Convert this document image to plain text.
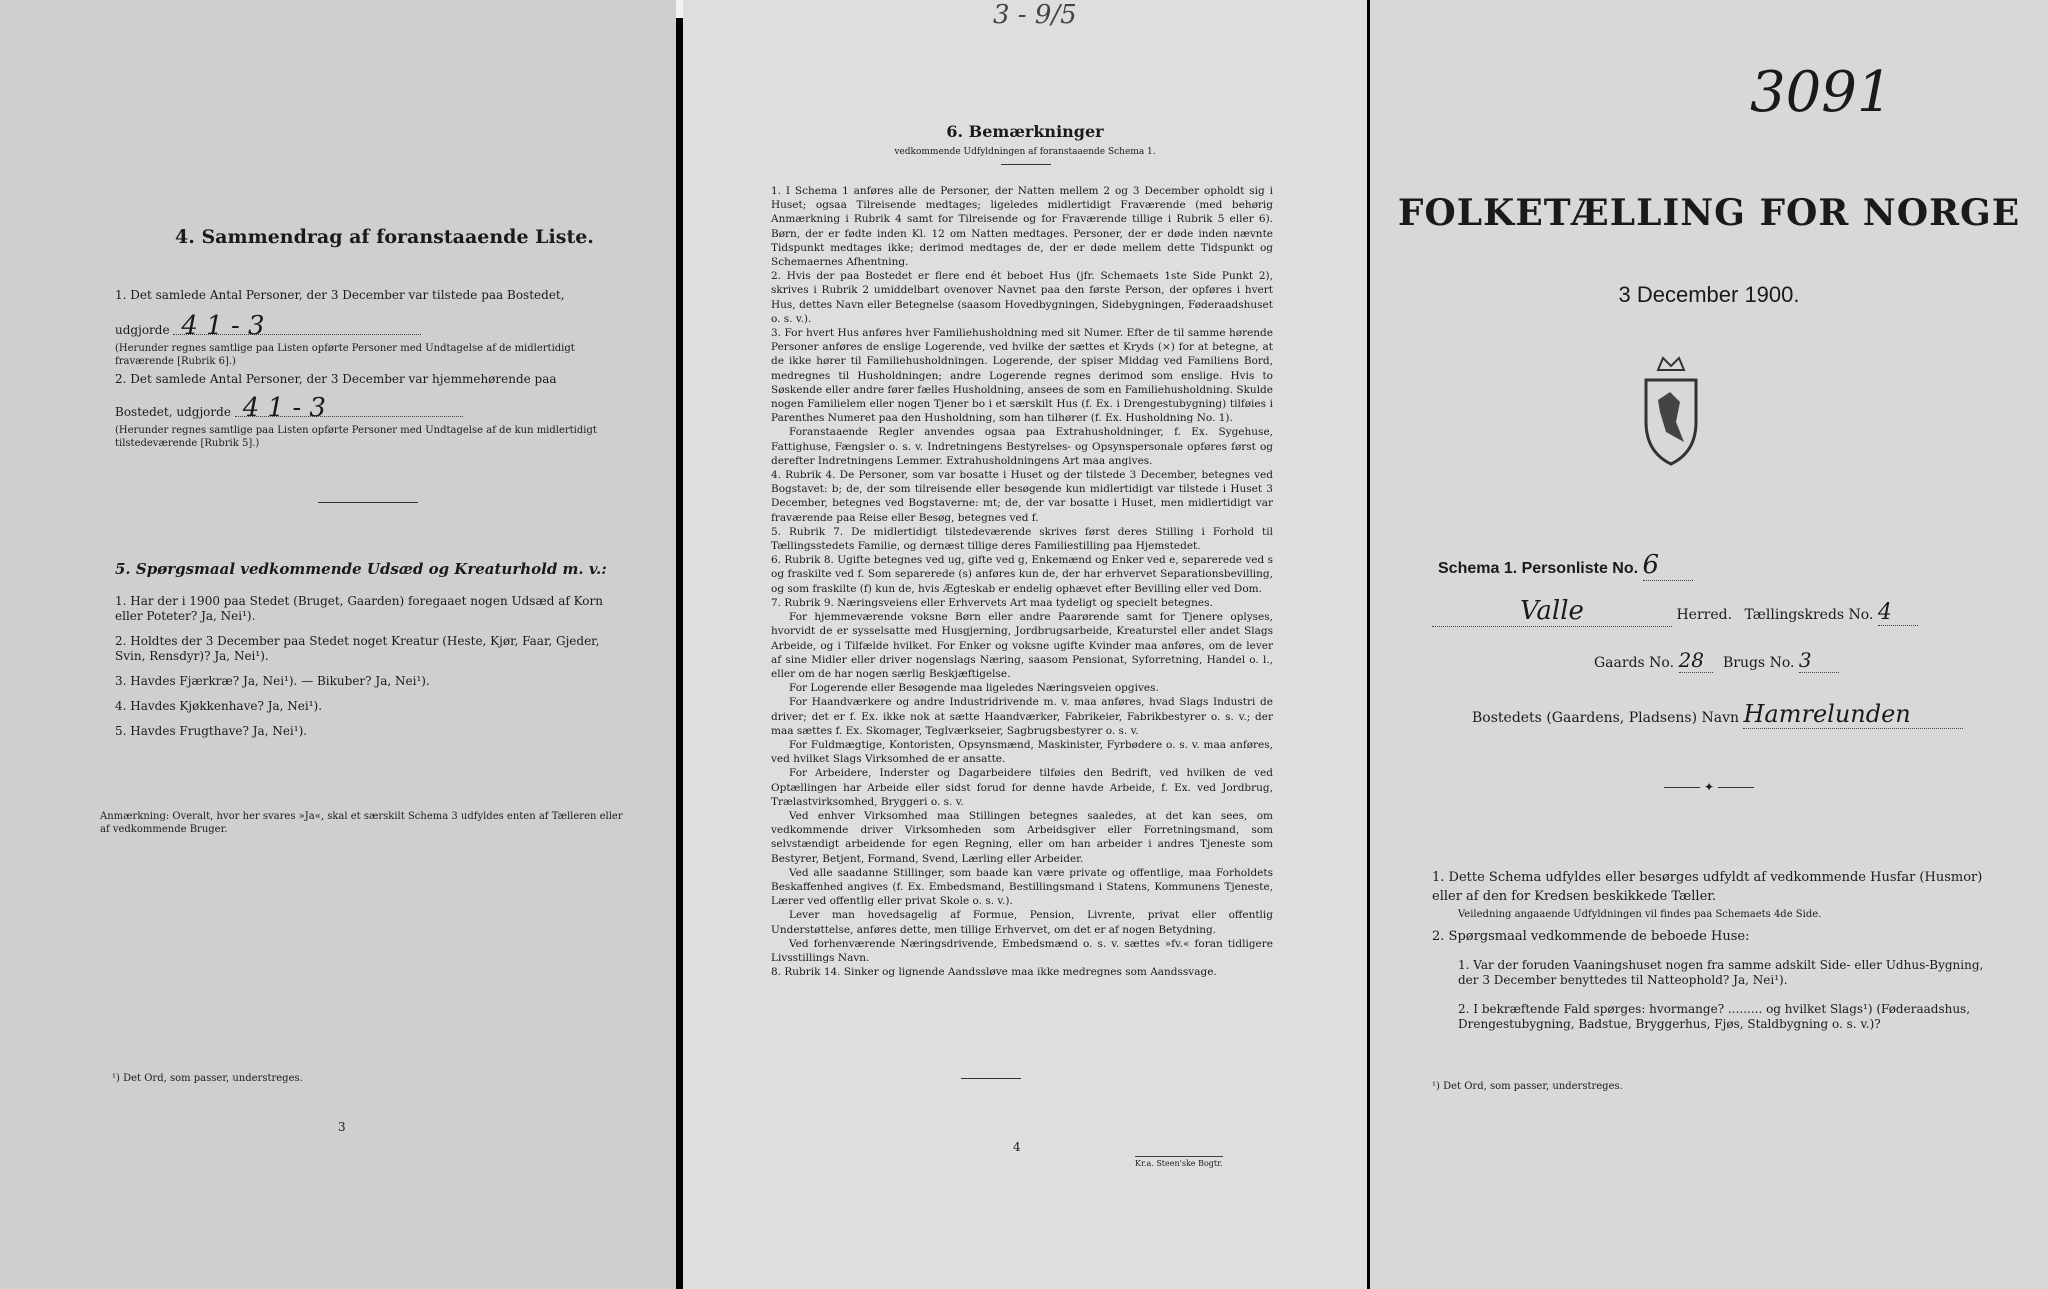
4. Sammendrag af foranstaaende Liste.

1. Det samlede Antal Personer, der 3 December var tilstede paa Bostedet,

udgjorde 4 1 - 3

(Herunder regnes samtlige paa Listen opførte Personer med Undtagelse af de midlertidigt fraværende [Rubrik 6].)

2. Det samlede Antal Personer, der 3 December var hjemmehørende paa

Bostedet, udgjorde 4 1 - 3

(Herunder regnes samtlige paa Listen opførte Personer med Undtagelse af de kun midlertidigt tilstedeværende [Rubrik 5].)

5. Spørgsmaal vedkommende Udsæd og Kreaturhold m. v.:

1. Har der i 1900 paa Stedet (Bruget, Gaarden) foregaaet nogen Udsæd af Korn eller Poteter? Ja, Nei¹).

2. Holdtes der 3 December paa Stedet noget Kreatur (Heste, Kjør, Faar, Gjeder, Svin, Rensdyr)? Ja, Nei¹).

3. Havdes Fjærkræ? Ja, Nei¹). — Bikuber? Ja, Nei¹).

4. Havdes Kjøkkenhave? Ja, Nei¹).

5. Havdes Frugthave? Ja, Nei¹).

Anmærkning: Overalt, hvor her svares »Ja«, skal et særskilt Schema 3 udfyldes enten af Tælleren eller af vedkommende Bruger.
¹) Det Ord, som passer, understreges.
3
3 - 9/5
6. Bemærkninger
vedkommende Udfyldningen af foranstaaende Schema 1.

1. I Schema 1 anføres alle de Personer, der Natten mellem 2 og 3 December opholdt sig i Huset; ogsaa Tilreisende medtages; ligeledes midlertidigt Fraværende (med behørig Anmærkning i Rubrik 4 samt for Tilreisende og for Fraværende tillige i Rubrik 5 eller 6). Børn, der er fødte inden Kl. 12 om Natten medtages. Personer, der er døde inden nævnte Tidspunkt medtages ikke; derimod medtages de, der er døde mellem dette Tidspunkt og Schemaernes Afhentning.

2. Hvis der paa Bostedet er flere end ét beboet Hus (jfr. Schemaets 1ste Side Punkt 2), skrives i Rubrik 2 umiddelbart ovenover Navnet paa den første Person, der opføres i hvert Hus, dettes Navn eller Betegnelse (saasom Hovedbygningen, Sidebygningen, Føderaadshuset o. s. v.).

3. For hvert Hus anføres hver Familiehusholdning med sit Numer. Efter de til samme hørende Personer anføres de enslige Logerende, ved hvilke der sættes et Kryds (×) for at betegne, at de ikke hører til Familiehusholdningen. Logerende, der spiser Middag ved Familiens Bord, medregnes til Husholdningen; andre Logerende regnes derimod som enslige. Hvis to Søskende eller andre fører fælles Husholdning, ansees de som en Familiehusholdning. Skulde nogen Familielem eller nogen Tjener bo i et særskilt Hus (f. Ex. i Drengestubygning) tilføies i Parenthes Numeret paa den Husholdning, som han tilhører (f. Ex. Husholdning No. 1).

Foranstaaende Regler anvendes ogsaa paa Extrahusholdninger, f. Ex. Sygehuse, Fattighuse, Fængsler o. s. v. Indretningens Bestyrelses- og Opsynspersonale opføres først og derefter Indretningens Lemmer. Extrahusholdningens Art maa angives.

4. Rubrik 4. De Personer, som var bosatte i Huset og der tilstede 3 December, betegnes ved Bogstavet: b; de, der som tilreisende eller besøgende kun midlertidigt var tilstede i Huset 3 December, betegnes ved Bogstaverne: mt; de, der var bosatte i Huset, men midlertidigt var fraværende paa Reise eller Besøg, betegnes ved f.

5. Rubrik 7. De midlertidigt tilstedeværende skrives først deres Stilling i Forhold til Tællingsstedets Familie, og dernæst tillige deres Familiestilling paa Hjemstedet.

6. Rubrik 8. Ugifte betegnes ved ug, gifte ved g, Enkemænd og Enker ved e, separerede ved s og fraskilte ved f. Som separerede (s) anføres kun de, der har erhvervet Separationsbevilling, og som fraskilte (f) kun de, hvis Ægteskab er endelig ophævet efter Bevilling eller ved Dom.

7. Rubrik 9. Næringsveiens eller Erhvervets Art maa tydeligt og specielt betegnes.

For hjemmeværende voksne Børn eller andre Paarørende samt for Tjenere oplyses, hvorvidt de er sysselsatte med Husgjerning, Jordbrugsarbeide, Kreaturstel eller andet Slags Arbeide, og i Tilfælde hvilket. For Enker og voksne ugifte Kvinder maa anføres, om de lever af sine Midler eller driver nogenslags Næring, saasom Pensionat, Syforretning, Handel o. l., eller om de har nogen særlig Beskjæftigelse.

For Logerende eller Besøgende maa ligeledes Næringsveien opgives.

For Haandværkere og andre Industridrivende m. v. maa anføres, hvad Slags Industri de driver; det er f. Ex. ikke nok at sætte Haandværker, Fabrikeier, Fabrikbestyrer o. s. v.; der maa sættes f. Ex. Skomager, Teglværkseier, Sagbrugsbestyrer o. s. v.

For Fuldmægtige, Kontoristen, Opsynsmænd, Maskinister, Fyrbødere o. s. v. maa anføres, ved hvilket Slags Virksomhed de er ansatte.

For Arbeidere, Inderster og Dagarbeidere tilføies den Bedrift, ved hvilken de ved Optællingen har Arbeide eller sidst forud for denne havde Arbeide, f. Ex. ved Jordbrug, Trælastvirksomhed, Bryggeri o. s. v.

Ved enhver Virksomhed maa Stillingen betegnes saaledes, at det kan sees, om vedkommende driver Virksomheden som Arbeidsgiver eller Forretningsmand, som selvstændigt arbeidende for egen Regning, eller om han arbeider i andres Tjeneste som Bestyrer, Betjent, Formand, Svend, Lærling eller Arbeider.

Ved alle saadanne Stillinger, som baade kan være private og offentlige, maa Forholdets Beskaffenhed angives (f. Ex. Embedsmand, Bestillingsmand i Statens, Kommunens Tjeneste, Lærer ved offentlig eller privat Skole o. s. v.).

Lever man hovedsagelig af Formue, Pension, Livrente, privat eller offentlig Understøttelse, anføres dette, men tillige Erhvervet, om det er af nogen Betydning.

Ved forhenværende Næringsdrivende, Embedsmænd o. s. v. sættes »fv.« foran tidligere Livsstillings Navn.

8. Rubrik 14. Sinker og lignende Aandssløve maa ikke medregnes som Aandssvage.

4
Kr.a. Steen'ske Bogtr.
3091
FOLKETÆLLING FOR NORGE
3 December 1900.
Schema 1. Personliste No. 6
Valle	Herred. Tællingskreds No. 4
Gaards No. 28 Brugs No. 3
Bostedets (Gaardens, Pladsens) Navn Hamrelunden
✦

1. Dette Schema udfyldes eller besørges udfyldt af vedkommende Husfar (Husmor) eller af den for Kredsen beskikkede Tæller.

Veiledning angaaende Udfyldningen vil findes paa Schemaets 4de Side.

2. Spørgsmaal vedkommende de beboede Huse:

1. Var der foruden Vaaningshuset nogen fra samme adskilt Side- eller Udhus-Bygning, der 3 December benyttedes til Natteophold? Ja, Nei¹).

2. I bekræftende Fald spørges: hvormange? ......... og hvilket Slags¹) (Føderaadshus, Drengestubygning, Badstue, Bryggerhus, Fjøs, Staldbygning o. s. v.)?

¹) Det Ord, som passer, understreges.
